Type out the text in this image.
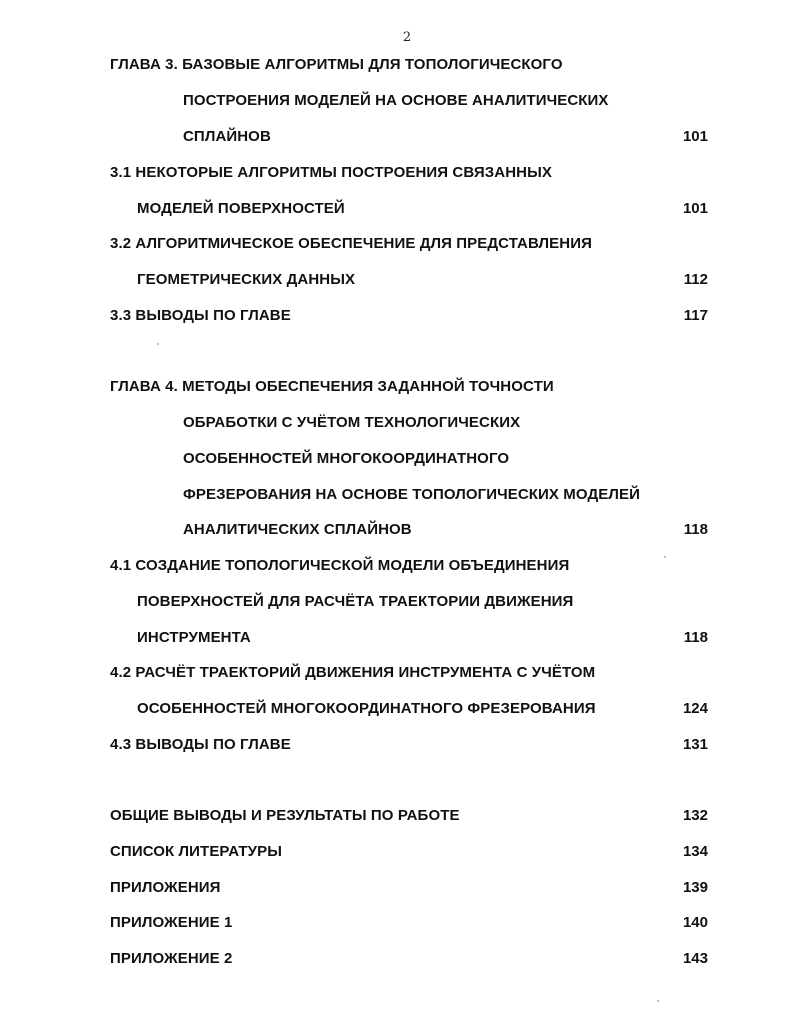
2
ГЛАВА 3. БАЗОВЫЕ АЛГОРИТМЫ ДЛЯ ТОПОЛОГИЧЕСКОГО
ПОСТРОЕНИЯ МОДЕЛЕЙ НА ОСНОВЕ АНАЛИТИЧЕСКИХ
СПЛАЙНОВ	101
3.1 НЕКОТОРЫЕ АЛГОРИТМЫ ПОСТРОЕНИЯ СВЯЗАННЫХ
МОДЕЛЕЙ ПОВЕРХНОСТЕЙ	101
3.2 АЛГОРИТМИЧЕСКОЕ ОБЕСПЕЧЕНИЕ ДЛЯ ПРЕДСТАВЛЕНИЯ
ГЕОМЕТРИЧЕСКИХ ДАННЫХ	112
3.3 ВЫВОДЫ ПО ГЛАВЕ	117
ГЛАВА 4. МЕТОДЫ ОБЕСПЕЧЕНИЯ ЗАДАННОЙ ТОЧНОСТИ
ОБРАБОТКИ С УЧЁТОМ ТЕХНОЛОГИЧЕСКИХ
ОСОБЕННОСТЕЙ МНОГОКООРДИНАТНОГО
ФРЕЗЕРОВАНИЯ НА ОСНОВЕ ТОПОЛОГИЧЕСКИХ МОДЕЛЕЙ
АНАЛИТИЧЕСКИХ СПЛАЙНОВ	118
4.1 СОЗДАНИЕ ТОПОЛОГИЧЕСКОЙ МОДЕЛИ ОБЪЕДИНЕНИЯ
ПОВЕРХНОСТЕЙ ДЛЯ РАСЧЁТА ТРАЕКТОРИИ ДВИЖЕНИЯ
ИНСТРУМЕНТА	118
4.2 РАСЧЁТ ТРАЕКТОРИЙ ДВИЖЕНИЯ ИНСТРУМЕНТА С УЧЁТОМ
ОСОБЕННОСТЕЙ МНОГОКООРДИНАТНОГО ФРЕЗЕРОВАНИЯ	124
4.3 ВЫВОДЫ ПО ГЛАВЕ	131
ОБЩИЕ ВЫВОДЫ И РЕЗУЛЬТАТЫ ПО РАБОТЕ	132
СПИСОК ЛИТЕРАТУРЫ	134
ПРИЛОЖЕНИЯ	139
ПРИЛОЖЕНИЕ 1	140
ПРИЛОЖЕНИЕ 2	143
